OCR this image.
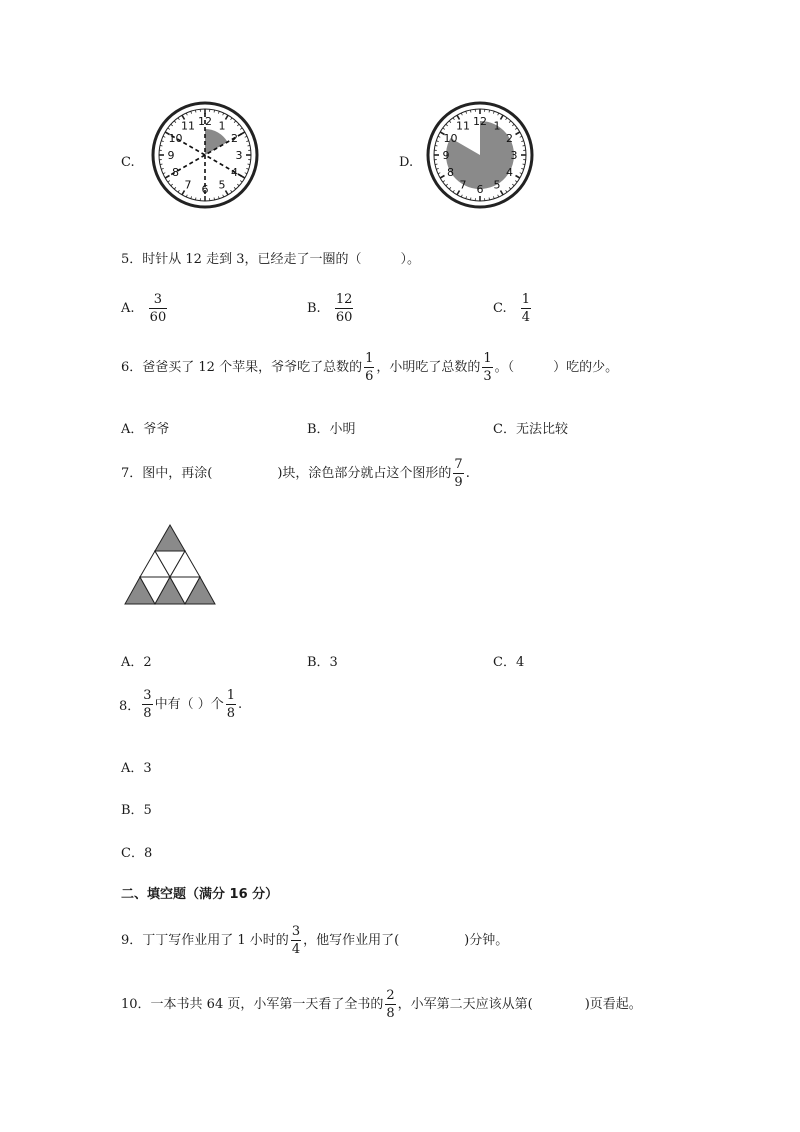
C.
12 1
2
3
4
5
6
7
8
9
10
11
D.
12 1
2
3
4
5
6
7
8
9
10
11
5．时针从 12 走到 3，已经走了一圈的（　　　）。
A. $\frac{3}{60}$	B. $\frac{12}{60}$	C. $\frac{1}{4}$
6．爸爸买了 12 个苹果，爷爷吃了总数的 $\frac{1}{6}$ ，小明吃了总数的 $\frac{1}{3}$ 。（　　　）吃的少。
A．爷爷	B．小明	C．无法比较
7．图中，再涂(　　　　　)块，涂色部分就占这个图形的 $\frac{7}{9}$ .
A．2	B．3	C．4
8． $\frac{3}{8}$ 中有（ ）个 $\frac{1}{8}$ .
A．3
B．5
C．8
二、填空题（满分 16 分）
9．丁丁写作业用了 1 小时的 $\frac{3}{4}$ ，他写作业用了(　　　　　)分钟。
10．一本书共 64 页，小军第一天看了全书的 $\frac{2}{8}$ ，小军第二天应该从第(　　　　)页看起。
